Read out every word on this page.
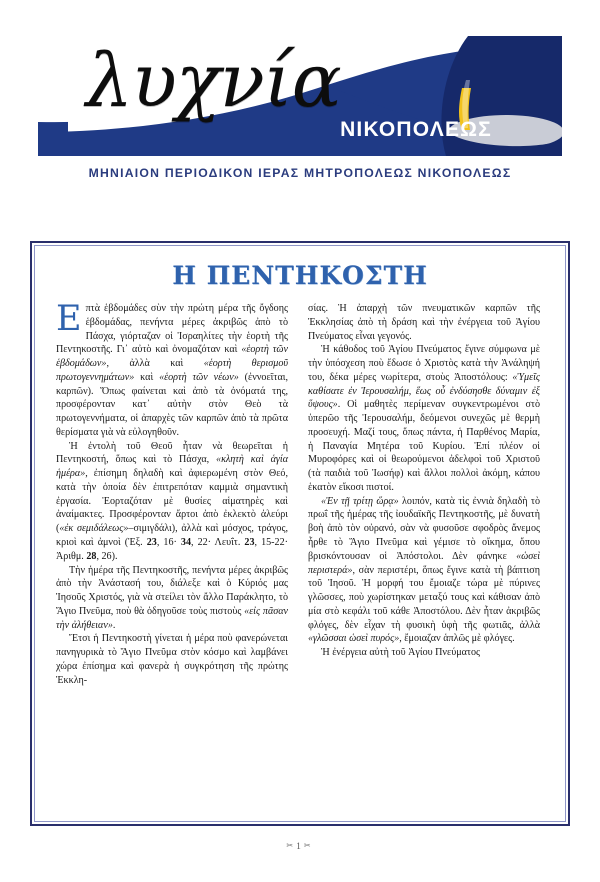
λυχνία
ΝΙΚΟΠΟΛΕΩΣ
ΜΗΝΙΑΙΟΝ ΠΕΡΙΟΔΙΚΟΝ ΙΕΡΑΣ ΜΗΤΡΟΠΟΛΕΩΣ ΝΙΚΟΠΟΛΕΩΣ
Η ΠΕΝΤΗΚΟΣΤΗ

Επτὰ ἑβδομάδες σὺν τὴν πρώτη μέρα τῆς ὄγδοης ἑβδομάδας, πενήντα μέρες ἀκριβῶς ἀπὸ τὸ Πάσχα, γιόρταζαν οἱ Ἰσραηλίτες τὴν ἑορτὴ τῆς Πεντηκοστῆς. Γι᾽ αὐτὸ καὶ ὀνομαζόταν καὶ «ἑορτὴ τῶν ἑβδομάδων», ἀλλὰ καὶ «ἑορτὴ θερισμοῦ πρωτογεννημάτων» καὶ «ἑορτὴ τῶν νέων» (ἐννοεῖται, καρπῶν). Ὅπως φαίνεται καὶ ἀπὸ τὰ ὀνόματά της, προσφέρονταν κατ᾽ αὐτὴν στὸν Θεὸ τὰ πρωτογεννήματα, οἱ ἀπαρχὲς τῶν καρπῶν ἀπὸ τὰ πρῶτα θερίσματα γιὰ νὰ εὐλογηθοῦν.

Ἡ ἐντολὴ τοῦ Θεοῦ ἦταν νὰ θεωρεῖται ἡ Πεντηκοστή, ὅπως καὶ τὸ Πάσχα, «κλητὴ καὶ ἁγία ἡμέρα», ἐπίσημη δηλαδὴ καὶ ἀφιερωμένη στὸν Θεό, κατὰ τὴν ὁποία δὲν ἐπιτρεπόταν καμμιὰ σημαντικὴ ἐργασία. Ἑορταζόταν μὲ θυσίες αἱματηρὲς καὶ ἀναίμακτες. Προσφέρονταν ἄρτοι ἀπὸ ἐκλεκτὸ ἀλεύρι («ἐκ σεμιδάλεως»–σιμιγδάλι), ἀλλὰ καὶ μόσχος, τράγος, κριοὶ καὶ ἀμνοὶ (Ἐξ. 23, 16· 34, 22· Λευΐτ. 23, 15-22· Ἀριθμ. 28, 26).

Τὴν ἡμέρα τῆς Πεντηκοστῆς, πενήντα μέρες ἀκριβῶς ἀπὸ τὴν Ἀνάστασή του, διάλεξε καὶ ὁ Κύριός μας Ἰησοῦς Χριστός, γιὰ νὰ στείλει τὸν ἄλλο Παράκλητο, τὸ Ἅγιο Πνεῦμα, ποὺ θὰ ὁδηγοῦσε τοὺς πιστοὺς «εἰς πᾶσαν τὴν ἀλήθειαν».

Ἔτσι ἡ Πεντηκοστὴ γίνεται ἡ μέρα ποὺ φανερώνεται πανηγυρικὰ τὸ Ἅγιο Πνεῦμα στὸν κόσμο καὶ λαμβάνει χώρα ἐπίσημα καὶ φανερὰ ἡ συγκρότηση τῆς πρώτης Ἐκκλη-

σίας. Ἡ ἀπαρχὴ τῶν πνευματικῶν καρπῶν τῆς Ἐκκλησίας ἀπὸ τὴ δράση καὶ τὴν ἐνέργεια τοῦ Ἁγίου Πνεύματος εἶναι γεγονός.

Ἡ κάθοδος τοῦ Ἁγίου Πνεύματος ἔγινε σύμφωνα μὲ τὴν ὑπόσχεση ποὺ ἔδωσε ὁ Χριστὸς κατὰ τὴν Ἀνάληψή του, δέκα μέρες νωρίτερα, στοὺς Ἀποστόλους: «Ὑμεῖς καθίσατε ἐν Ἰερουσαλήμ, ἕως οὗ ἐνδύσησθε δύναμιν ἐξ ὕψους». Οἱ μαθητὲς περίμεναν συγκεντρωμένοι στὸ ὑπερῶο τῆς Ἰερουσαλήμ, δεόμενοι συνεχῶς μὲ θερμὴ προσευχή. Μαζί τους, ὅπως πάντα, ἡ Παρθένος Μαρία, ἡ Παναγία Μητέρα τοῦ Κυρίου. Ἐπί πλέον οἱ Μυροφόρες καὶ οἱ θεωρούμενοι ἀδελφοὶ τοῦ Χριστοῦ (τὰ παιδιὰ τοῦ Ἰωσήφ) καὶ ἄλλοι πολλοὶ ἀκόμη, κάπου ἑκατὸν εἴκοσι πιστοί.

«Ἐν τῇ τρίτῃ ὥρᾳ» λοιπόν, κατὰ τὶς ἐννιὰ δηλαδὴ τὸ πρωΐ τῆς ἡμέρας τῆς ἰουδαϊκῆς Πεντηκοστῆς, μὲ δυνατὴ βοὴ ἀπὸ τὸν οὐρανό, σὰν νὰ φυσοῦσε σφοδρὸς ἄνεμος ἦρθε τὸ Ἅγιο Πνεῦμα καὶ γέμισε τὸ οἴκημα, ὅπου βρισκόντουσαν οἱ Ἀπόστολοι. Δὲν φάνηκε «ὡσεὶ περιστερά», σὰν περιστέρι, ὅπως ἔγινε κατὰ τὴ βάπτιση τοῦ Ἰησοῦ. Ἡ μορφή του ἔμοιαζε τώρα μὲ πύρινες γλῶσσες, ποὺ χωρίστηκαν μεταξύ τους καὶ κάθισαν ἀπὸ μία στὸ κεφάλι τοῦ κάθε Ἀποστόλου. Δὲν ἦταν ἀκριβῶς φλόγες, δὲν εἶχαν τὴ φυσικὴ ὑφὴ τῆς φωτιᾶς, ἀλλὰ «γλῶσσαι ὡσεὶ πυρός», ἔμοιαζαν ἁπλῶς μὲ φλόγες.

Ἡ ἐνέργεια αὐτὴ τοῦ Ἁγίου Πνεύματος

✂1✂
